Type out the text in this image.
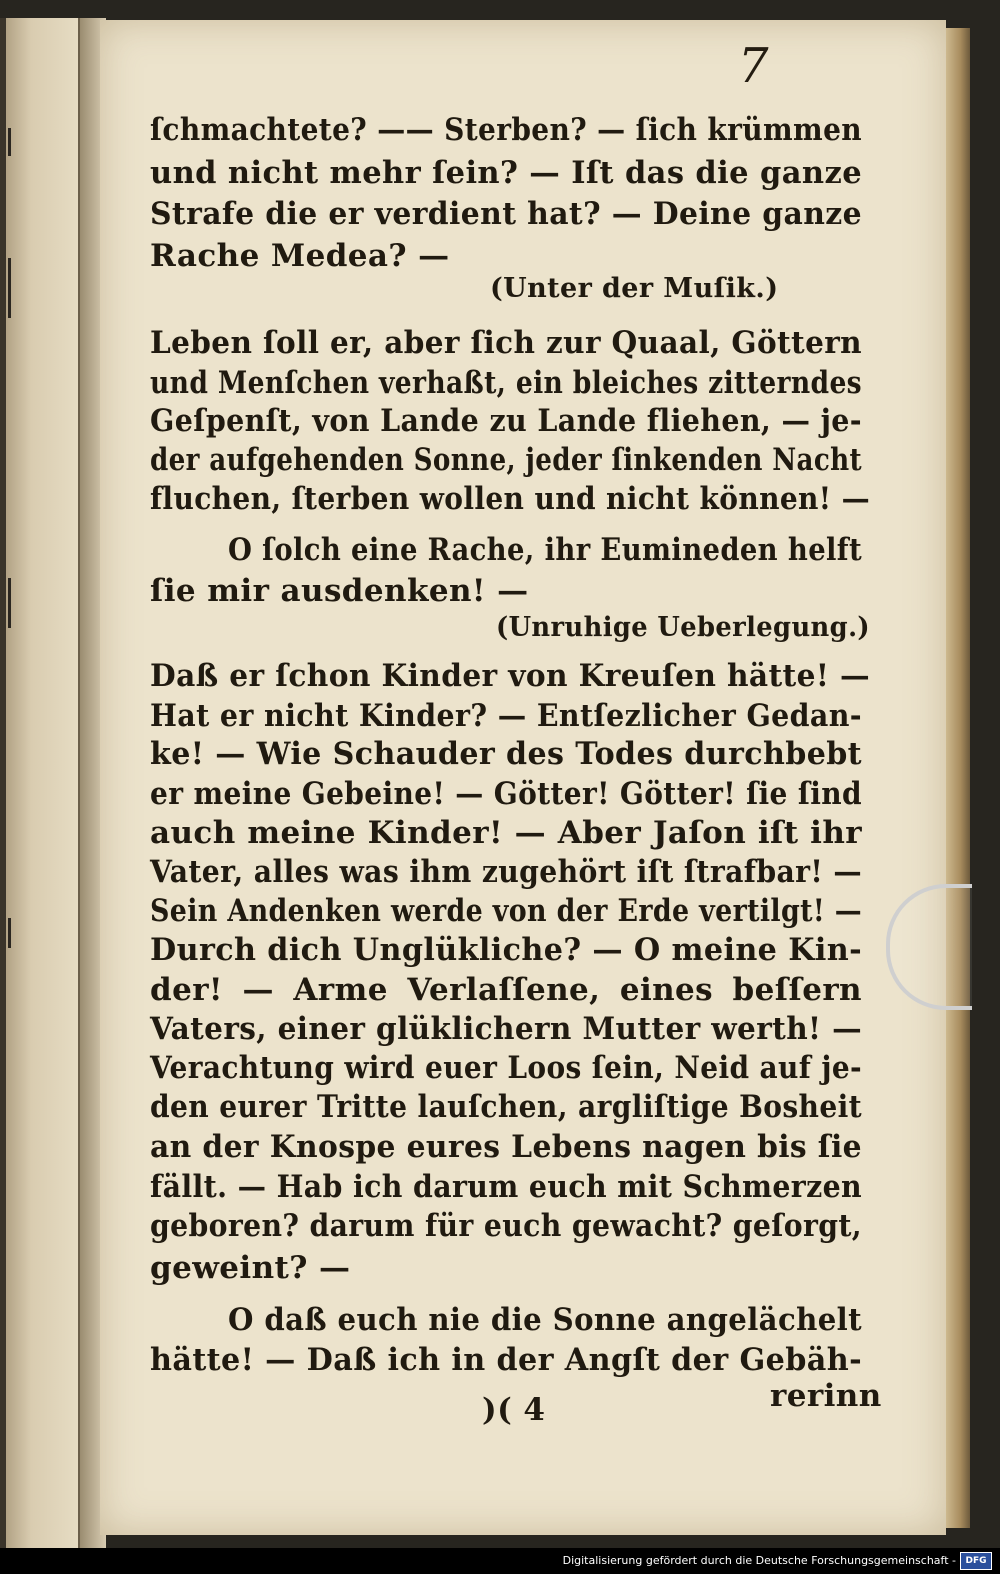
7
ſchmachtete? —— Sterben? — ſich krümmen
und nicht mehr ſein? — Iſt das die ganze
Strafe die er verdient hat? — Deine ganze
Rache Medea? —
(Unter der Muſik.)
Leben ſoll er, aber ſich zur Quaal, Göttern
und Menſchen verhaßt, ein bleiches zitterndes
Geſpenſt, von Lande zu Lande fliehen, — je-
der aufgehenden Sonne, jeder ſinkenden Nacht
fluchen, ſterben wollen und nicht können! —
O ſolch eine Rache, ihr Eumineden helft
ſie mir ausdenken! —
(Unruhige Ueberlegung.)
Daß er ſchon Kinder von Kreuſen hätte! —
Hat er nicht Kinder? — Entſezlicher Gedan-
ke! — Wie Schauder des Todes durchbebt
er meine Gebeine! — Götter! Götter! ſie ſind
auch meine Kinder! — Aber Jaſon iſt ihr
Vater, alles was ihm zugehört iſt ſtrafbar! —
Sein Andenken werde von der Erde vertilgt! —
Durch dich Unglükliche? — O meine Kin-
der! — Arme Verlaſſene, eines beſſern
Vaters, einer glüklichern Mutter werth! —
Verachtung wird euer Loos ſein, Neid auf je-
den eurer Tritte lauſchen, argliſtige Bosheit
an der Knospe eures Lebens nagen bis ſie
fällt. — Hab ich darum euch mit Schmerzen
geboren? darum für euch gewacht? geſorgt,
geweint? —
O daß euch nie die Sonne angelächelt
hätte! — Daß ich in der Angſt der Gebäh-
)( 4	rerinn
Digitalisierung gefördert durch die Deutsche Forschungsgemeinschaft -	DFG
